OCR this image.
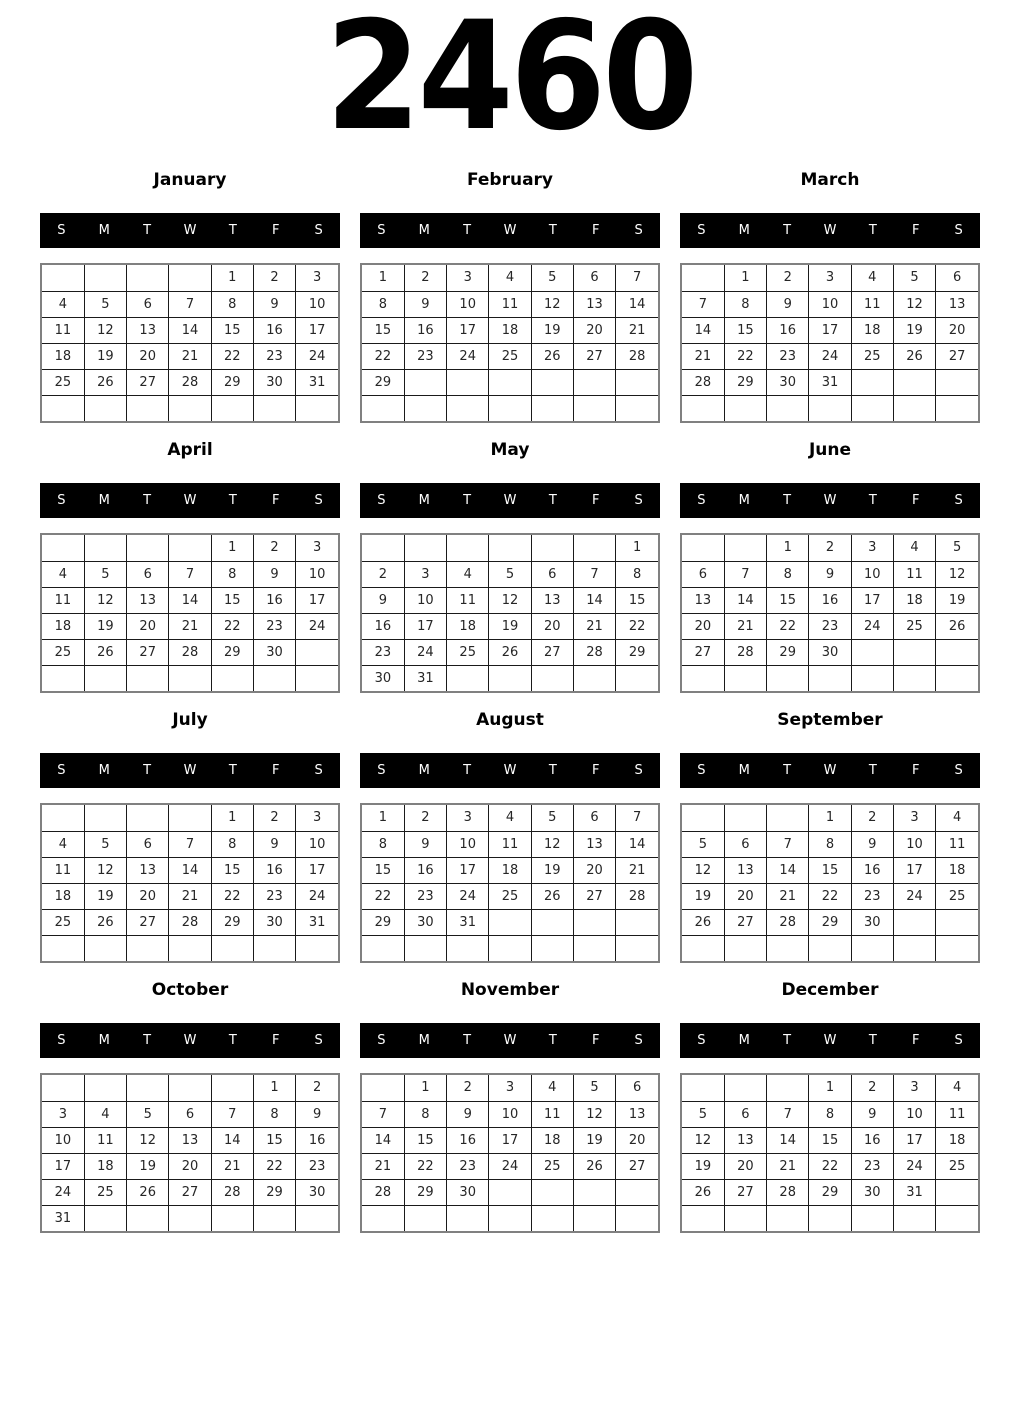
2460
January
S	M	T	W	T	F	S
				1	2	3
4	5	6	7	8	9	10
11	12	13	14	15	16	17
18	19	20	21	22	23	24
25	26	27	28	29	30	31

February
S	M	T	W	T	F	S
1	2	3	4	5	6	7
8	9	10	11	12	13	14
15	16	17	18	19	20	21
22	23	24	25	26	27	28
29						

March
S	M	T	W	T	F	S
	1	2	3	4	5	6
7	8	9	10	11	12	13
14	15	16	17	18	19	20
21	22	23	24	25	26	27
28	29	30	31			

April
S	M	T	W	T	F	S
				1	2	3
4	5	6	7	8	9	10
11	12	13	14	15	16	17
18	19	20	21	22	23	24
25	26	27	28	29	30	

May
S	M	T	W	T	F	S
						1
2	3	4	5	6	7	8
9	10	11	12	13	14	15
16	17	18	19	20	21	22
23	24	25	26	27	28	29
30	31					
June
S	M	T	W	T	F	S
		1	2	3	4	5
6	7	8	9	10	11	12
13	14	15	16	17	18	19
20	21	22	23	24	25	26
27	28	29	30			

July
S	M	T	W	T	F	S
				1	2	3
4	5	6	7	8	9	10
11	12	13	14	15	16	17
18	19	20	21	22	23	24
25	26	27	28	29	30	31

August
S	M	T	W	T	F	S
1	2	3	4	5	6	7
8	9	10	11	12	13	14
15	16	17	18	19	20	21
22	23	24	25	26	27	28
29	30	31				

September
S	M	T	W	T	F	S
			1	2	3	4
5	6	7	8	9	10	11
12	13	14	15	16	17	18
19	20	21	22	23	24	25
26	27	28	29	30		

October
S	M	T	W	T	F	S
					1	2
3	4	5	6	7	8	9
10	11	12	13	14	15	16
17	18	19	20	21	22	23
24	25	26	27	28	29	30
31						
November
S	M	T	W	T	F	S
	1	2	3	4	5	6
7	8	9	10	11	12	13
14	15	16	17	18	19	20
21	22	23	24	25	26	27
28	29	30				

December
S	M	T	W	T	F	S
			1	2	3	4
5	6	7	8	9	10	11
12	13	14	15	16	17	18
19	20	21	22	23	24	25
26	27	28	29	30	31	
